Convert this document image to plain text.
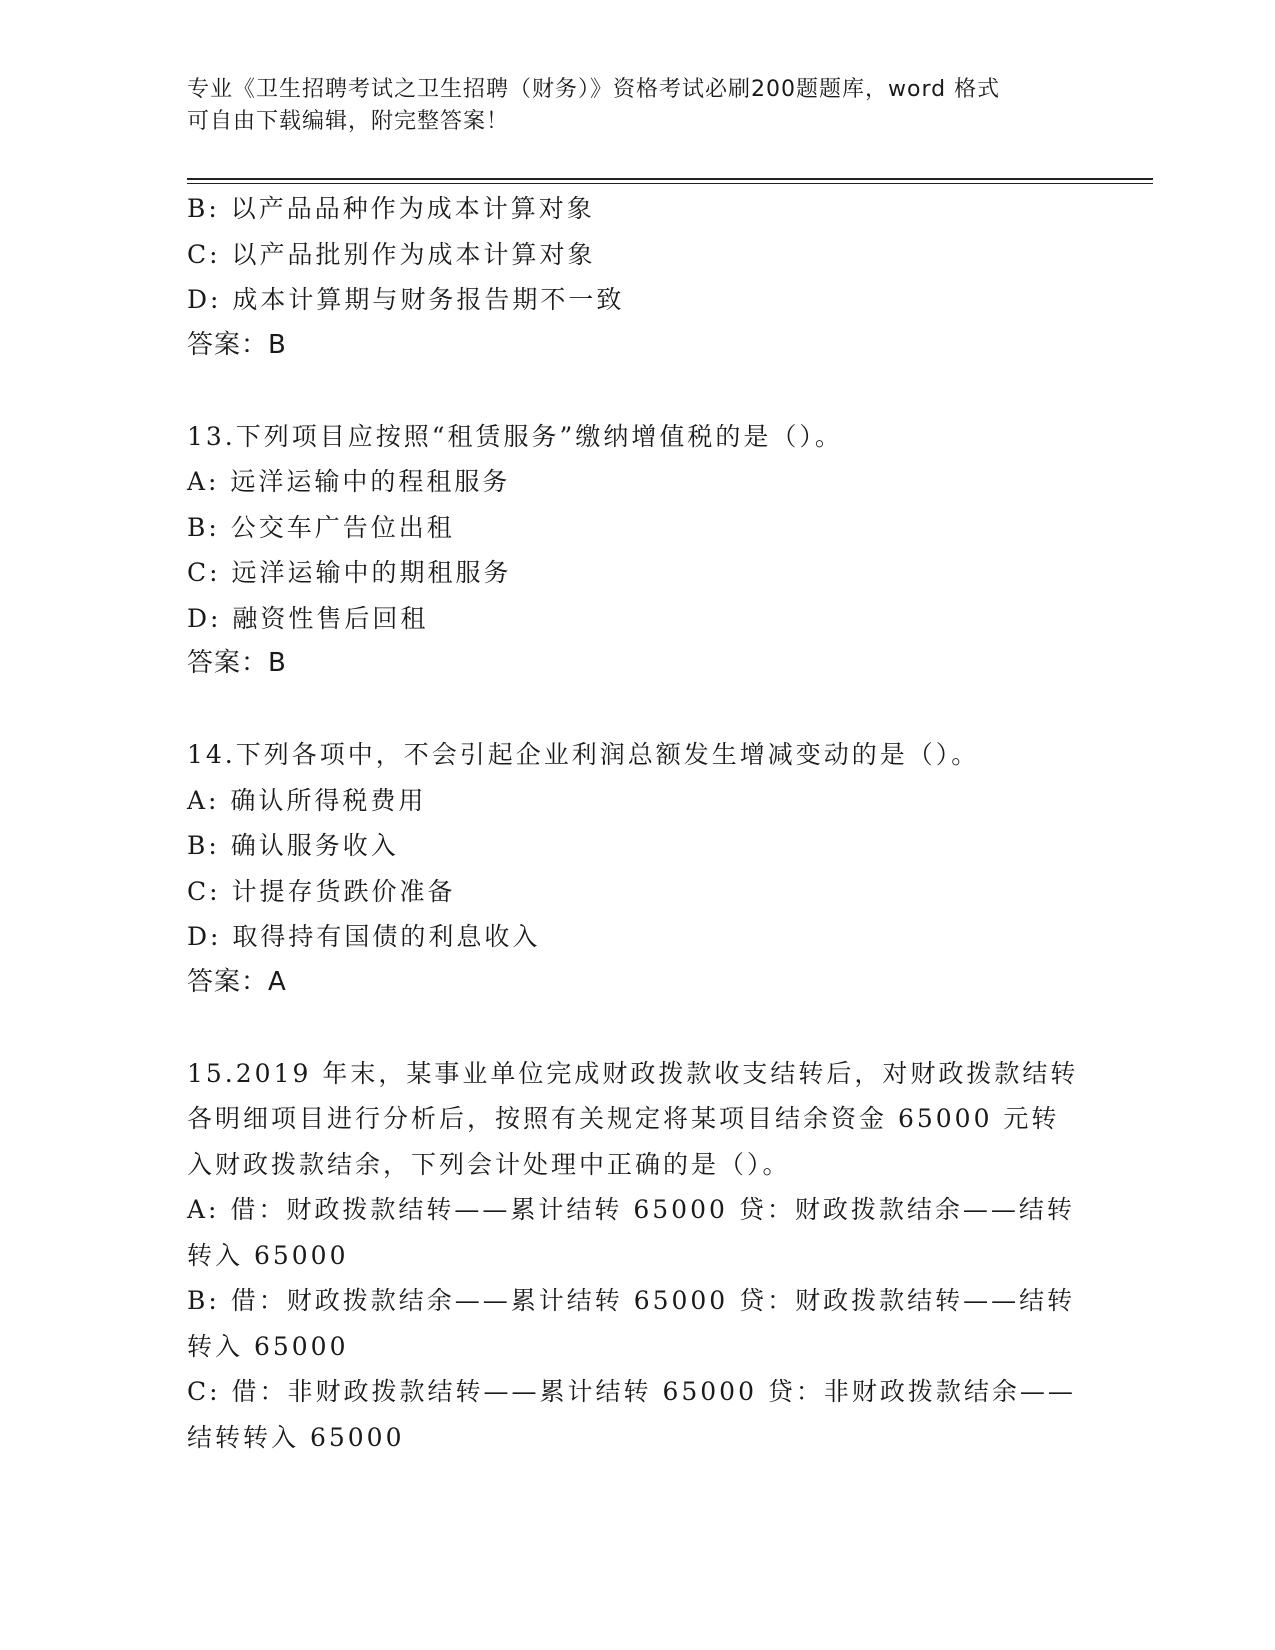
专业《卫生招聘考试之卫生招聘（财务）》资格考试必刷200题题库，word 格式
可自由下载编辑，附完整答案！
B: 以产品品种作为成本计算对象
C: 以产品批别作为成本计算对象
D: 成本计算期与财务报告期不一致
答案：B
13.下列项目应按照“租赁服务”缴纳增值税的是（）。
A: 远洋运输中的程租服务
B: 公交车广告位出租
C: 远洋运输中的期租服务
D: 融资性售后回租
答案：B
14.下列各项中，不会引起企业利润总额发生增减变动的是（）。
A: 确认所得税费用
B: 确认服务收入
C: 计提存货跌价准备
D: 取得持有国债的利息收入
答案：A
15.2019 年末，某事业单位完成财政拨款收支结转后，对财政拨款结转
各明细项目进行分析后，按照有关规定将某项目结余资金 65000 元转
入财政拨款结余，下列会计处理中正确的是（）。
A: 借：财政拨款结转——累计结转 65000 贷：财政拨款结余——结转
转入 65000
B: 借：财政拨款结余——累计结转 65000 贷：财政拨款结转——结转
转入 65000
C: 借：非财政拨款结转——累计结转 65000 贷：非财政拨款结余——
结转转入 65000
